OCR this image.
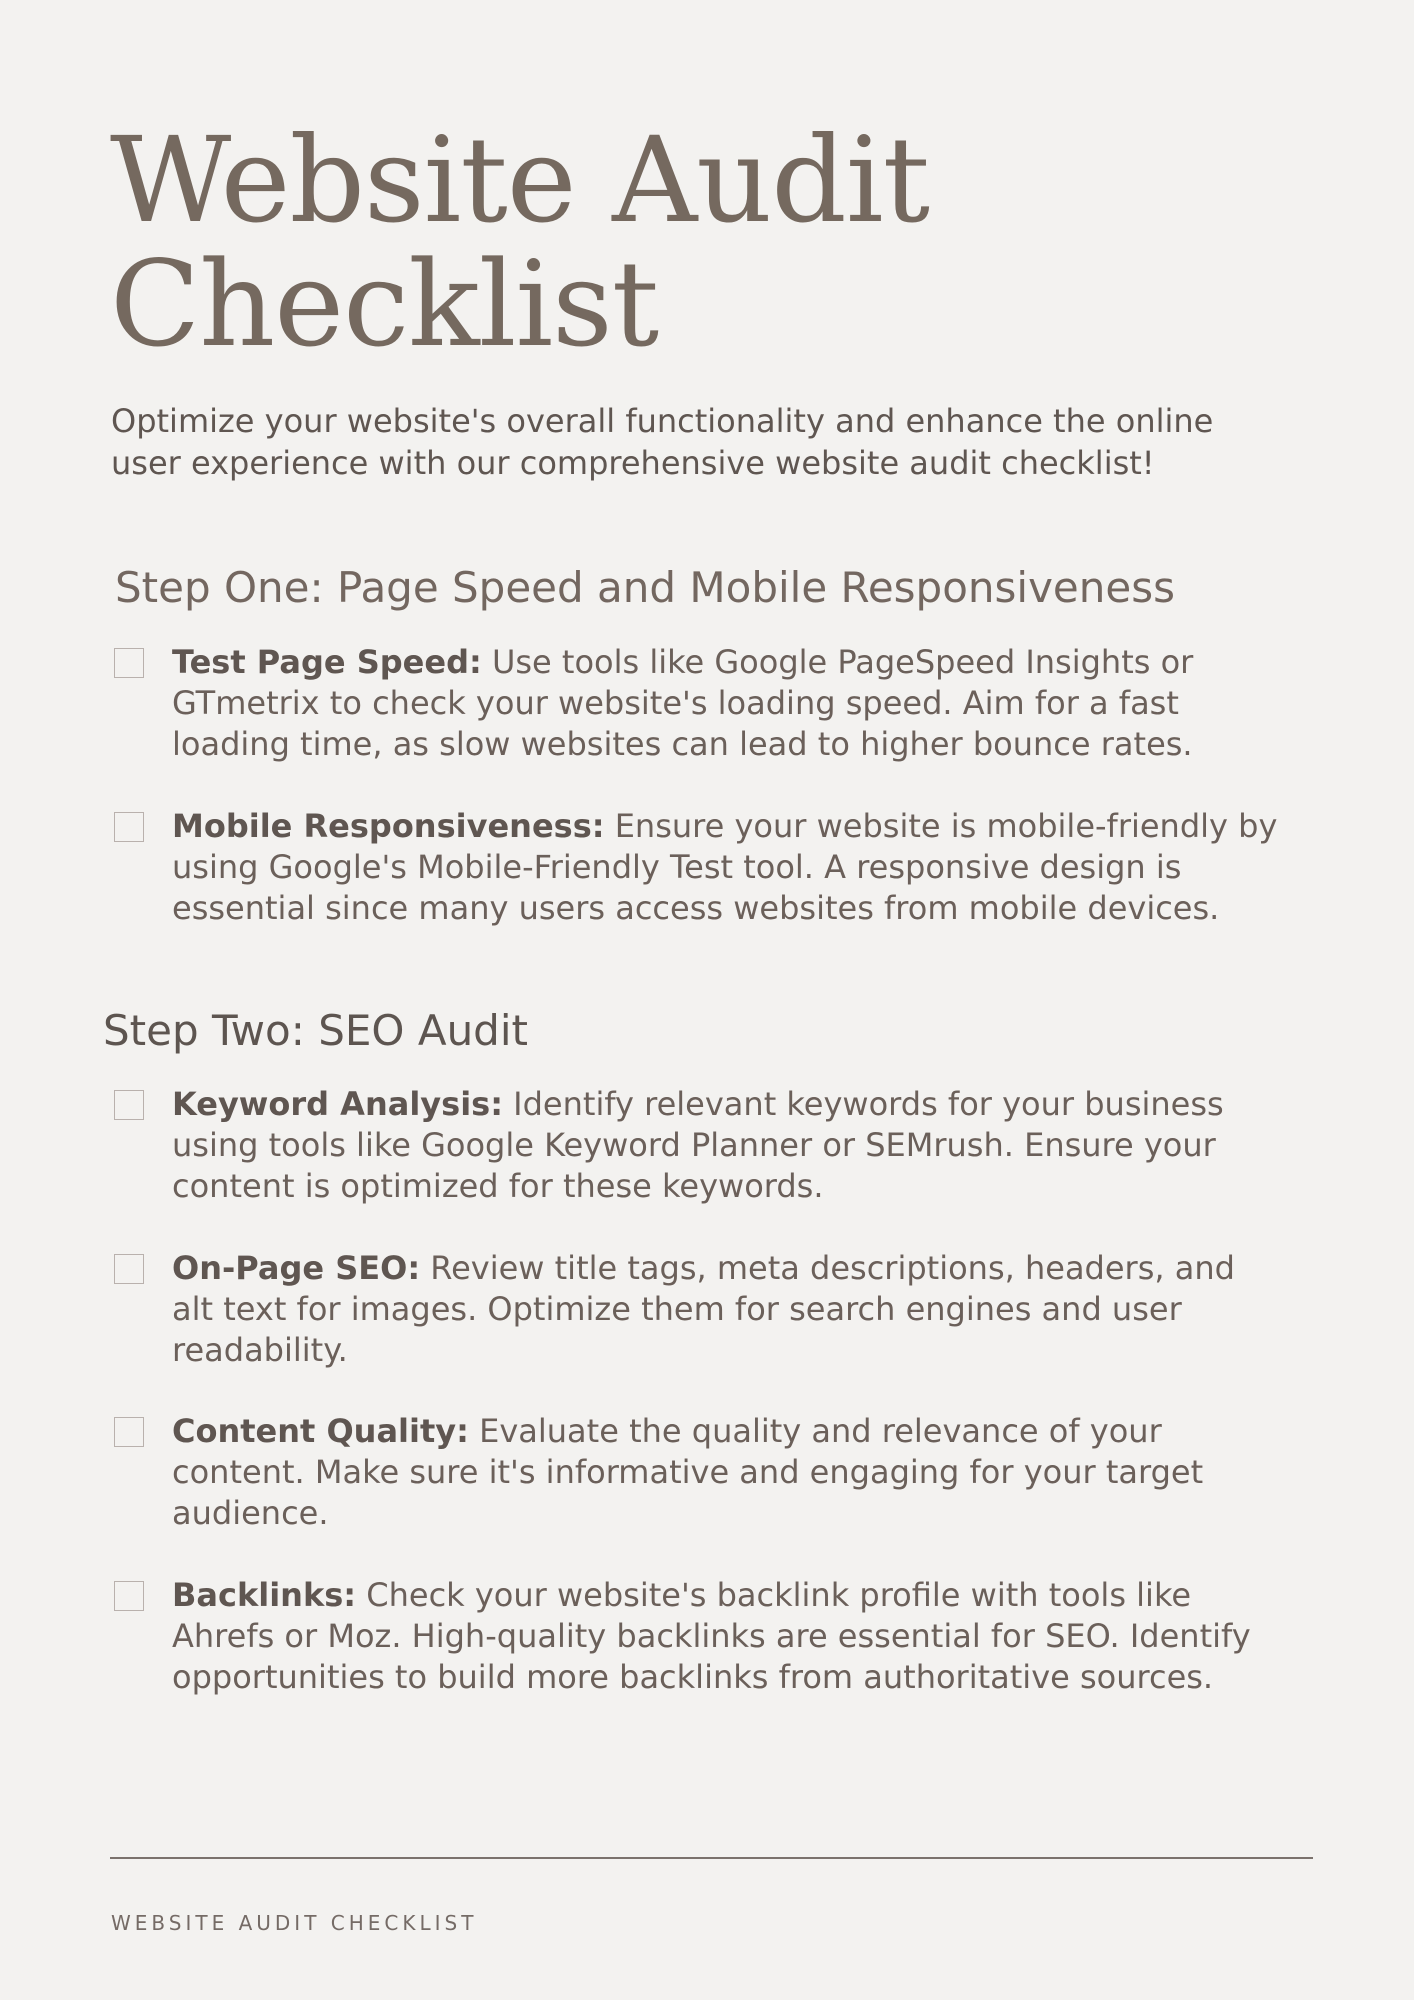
Website Audit
Checklist

Optimize your website's overall functionality and enhance the online user experience with our comprehensive website audit checklist!

Step One: Page Speed and Mobile Responsiveness

Test Page Speed: Use tools like Google PageSpeed Insights or GTmetrix to check your website's loading speed. Aim for a fast loading time, as slow websites can lead to higher bounce rates.

Mobile Responsiveness: Ensure your website is mobile-friendly by using Google's Mobile-Friendly Test tool. A responsive design is essential since many users access websites from mobile devices.

Step Two: SEO Audit

Keyword Analysis: Identify relevant keywords for your business using tools like Google Keyword Planner or SEMrush. Ensure your content is optimized for these keywords.

On-Page SEO: Review title tags, meta descriptions, headers, and alt text for images. Optimize them for search engines and user readability.

Content Quality: Evaluate the quality and relevance of your content. Make sure it's informative and engaging for your target audience.

Backlinks: Check your website's backlink profile with tools like Ahrefs or Moz. High-quality backlinks are essential for SEO. Identify opportunities to build more backlinks from authoritative sources.

WEBSITE AUDIT CHECKLIST
